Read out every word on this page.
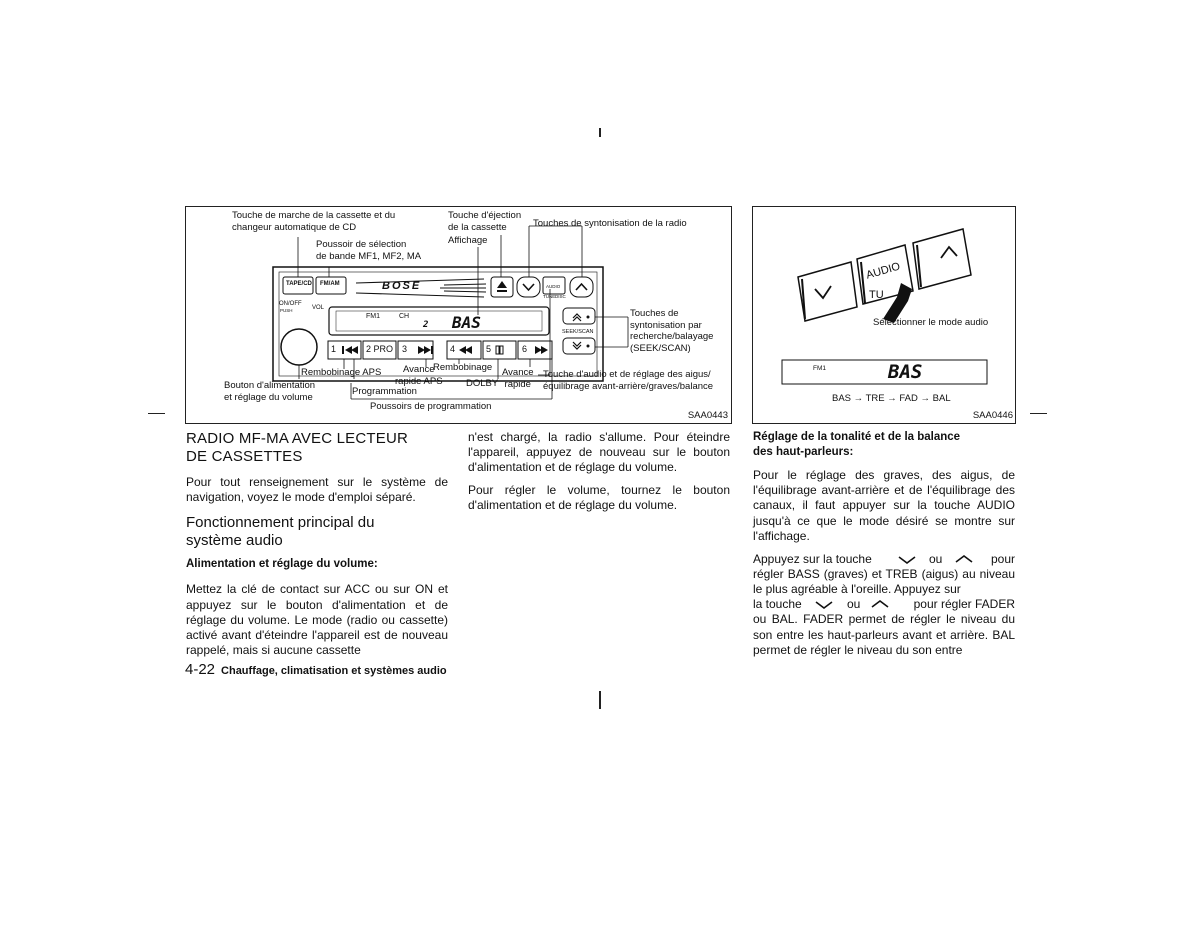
TAPE/CD FM/AM	BOSE
ON/OFF
PUSH	VOL
FM1	CH
2 BAS
AUDIO
TUNE DISC
SEEK/SCAN
1	2 PRO 3	4	5	6
Touche de marche de la cassette et du
changeur automatique de CD
Poussoir de sélection
de bande MF1, MF2, MA
Touche d'éjection
de la cassette
Affichage
Touches de syntonisation de la radio
Touches de
syntonisation par
recherche/balayage
(SEEK/SCAN)
Bouton d'alimentation
et réglage du volume
Rembobinage APS
Programmation
Avance
rapide APS
Rembobinage
DOLBY
Avance
rapide
Touche d'audio et de réglage des aigus/
équilibrage avant-arrière/graves/balance
Poussoirs de programmation
SAA0443
AUDIO
TU
Sélectionner le mode audio
FM1	BAS
BAS → TRE → FAD → BAL
SAA0446
RADIO MF-MA AVEC LECTEUR DE CASSETTES
Pour tout renseignement sur le système de navigation, voyez le mode d'emploi séparé.
Fonctionnement principal du système audio
Alimentation et réglage du volume:
Mettez la clé de contact sur ACC ou sur ON et appuyez sur le bouton d'alimentation et de réglage du volume. Le mode (radio ou cassette) activé avant d'éteindre l'appareil est de nouveau rappelé, mais si aucune cassette
n'est chargé, la radio s'allume. Pour éteindre l'appareil, appuyez de nouveau sur le bouton d'alimentation et de réglage du volume.
Pour régler le volume, tournez le bouton d'alimentation et de réglage du volume.
Réglage de la tonalité et de la balance des haut-parleurs:
Pour le réglage des graves, des aigus, de l'équilibrage avant-arrière et de l'équilibrage des canaux, il faut appuyer sur la touche AUDIO jusqu'à ce que le mode désiré se montre sur l'affichage.
Appuyez sur la touche	ou	pour
régler BASS (graves) et TREB (aigus) au niveau le plus agréable à l'oreille. Appuyez sur
la touche	ou	pour régler FADER
ou BAL. FADER permet de régler le niveau du son entre les haut-parleurs avant et arrière. BAL permet de régler le niveau du son entre
4-22 Chauffage, climatisation et systèmes audio
